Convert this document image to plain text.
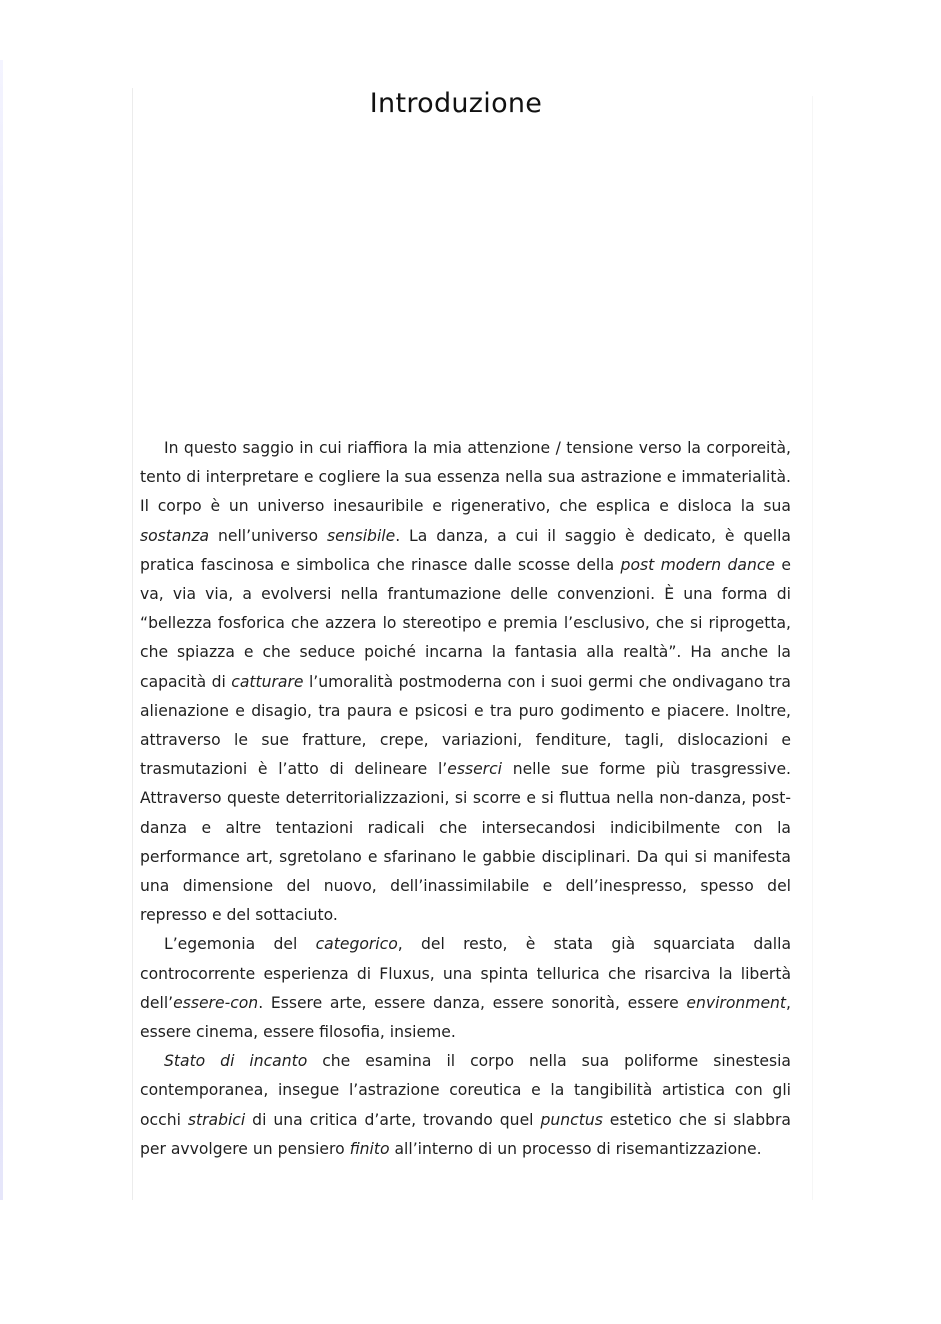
Introduzione

In questo saggio in cui riaffiora la mia attenzione / tensione verso la corporeità, tento di interpretare e cogliere la sua essenza nella sua astrazione e immaterialità. Il corpo è un universo inesauribile e rigenerativo, che esplica e disloca la sua sostanza nell’universo sensibile. La danza, a cui il saggio è dedicato, è quella pratica fascinosa e simbolica che rinasce dalle scosse della post modern dance e va, via via, a evolversi nella frantumazione delle convenzioni. È una forma di “bellezza fosforica che azzera lo stereotipo e premia l’esclusivo, che si riprogetta, che spiazza e che seduce poiché incarna la fantasia alla realtà”. Ha anche la capacità di catturare l’umoralità postmoderna con i suoi germi che ondivagano tra alienazione e disagio, tra paura e psicosi e tra puro godimento e piacere. Inoltre, attraverso le sue fratture, crepe, variazioni, fenditure, tagli, dislocazioni e trasmutazioni è l’atto di delineare l’esserci nelle sue forme più trasgressive. Attraverso queste deterritorializzazioni, si scorre e si fluttua nella non-danza, post-danza e altre tentazioni radicali che intersecandosi indicibilmente con la performance art, sgretolano e sfarinano le gabbie disciplinari. Da qui si manifesta una dimensione del nuovo, dell’inassimilabile e dell’inespresso, spesso del represso e del sottaciuto.

L’egemonia del categorico, del resto, è stata già squarciata dalla controcorrente esperienza di Fluxus, una spinta tellurica che risarciva la libertà dell’essere-con. Essere arte, essere danza, essere sonorità, essere environment, essere cinema, essere filosofia, insieme.

Stato di incanto che esamina il corpo nella sua poliforme sinestesia contemporanea, insegue l’astrazione coreutica e la tangibilità artistica con gli occhi strabici di una critica d’arte, trovando quel punctus estetico che si slabbra per avvolgere un pensiero finito all’interno di un processo di risemantizzazione.
